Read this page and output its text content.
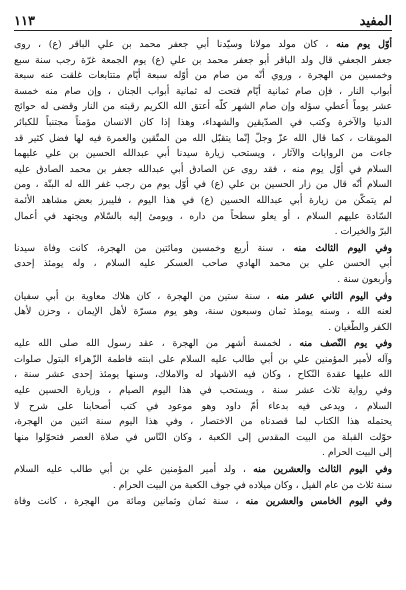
المفيد
١١٣
أوّل يوم منه ، كان مولد مولانا وسيّدنا أبي جعفر محمد بن علي الباقر (ع) ، روى
جعفر الجعفي قال ولد الباقر أبو جعفر محمد بن علي (ع) يوم الجمعة غرّة رجب سنة سبع
وخمسين من الهجرة ، وروي أنّه من صام من أوّله سبعة أيّام متتابعات غلقت عنه سبعة
أبواب النار ، فإن صام ثمانية أيّام فتحت له ثمانية أبواب الجنان ، وإن صام منه خمسة
عشر يوماً أعطي سؤله وإن صام الشهر كلّه أعتق الله الكريم رقبته من النار وقضى له حوائج
الدنيا والآخرة وكتب في الصدّيقين والشهداء، وهذا إذا كان الانسان مؤمناً مجتنباً للكبائر
الموبقات ، كما قال الله عزّ وجلّ إنّما يتقبّل الله من المتّقين والعمرة فيه لها فضل كثير قد
جاءت من الروايات والآثار ، ويستحب زيارة سيدنا أبي عبدالله الحسين بن علي عليهما
السلام في أوّل يوم منه ، فقد روى عن الصادق أبي عبدالله جعفر بن محمد الصادق عليه
السلام أنّه قال من زار الحسين بن علي (ع) في أوّل يوم من رجب غفر الله له البتّة ، ومن
لم يتمكّن من زيارة أبي عبدالله الحسين (ع) في هذا اليوم ، فليبرز بعض مشاهد الأئمة
السّادة عليهم السلام ، أو يعلو سطحاً من داره ، ويومئ إليه بالسّلام ويجتهد في أعمال
البرّ والخيرات .
وفي اليوم الثالث منه ، سنة أربع وخمسين ومائتين من الهجرة، كانت وفاة سيدنا
أبي الحسن علي بن محمد الهادي صاحب العسكر عليه السلام ، وله يومئذ إحدى
وأربعون سنة .
وفي اليوم الثاني عشر منه ، سنة ستين من الهجرة ، كان هلاك معاوية بن أبي سفيان
لعنه الله ، وسنه يومئذ ثمان وسبعون سنة، وهو يوم مسرّة لأهل الإيمان ، وحزن لأهل
الكفر والطّغيان .
وفي يوم النّصف منه ، لخمسة أشهر من الهجرة ، عقد رسول الله صلى الله عليه
وآله لأمير المؤمنين علي بن أبي طالب عليه السلام على ابنته فاطمة الزّهراء البتول صلوات
الله عليها عقدة النّكاح ، وكان فيه الاشهاد له والاملاك، وسنها يومئذ إحدى عشر سنة ،
وفي رواية ثلاث عشر سنة ، ويستحب في هذا اليوم الصيام ، وزيارة الحسين عليه
السلام ، ويدعى فيه بدعاء أمّ داود وهو موعود في كتب أصحابنا على شرح لا
يحتمله هذا الكتاب لما قصدناه من الاختصار ، وفي هذا اليوم سنة اثنين من الهجرة،
حوّلت القبلة من البيت المقدس إلى الكعبة ، وكان النّاس في صلاة العصر فتحوّلوا منها
إلى البيت الحرام .
وفي اليوم الثالث والعشرين منه ، ولد أمير المؤمنين علي بن أبي طالب عليه السلام
سنة ثلاث من عام الفيل ، وكان ميلاده في جوف الكعبة من البيت الحرام .
وفي اليوم الخامس والعشرين منه ، سنة ثمان وثمانين ومائة من الهجرة ، كانت وفاة
